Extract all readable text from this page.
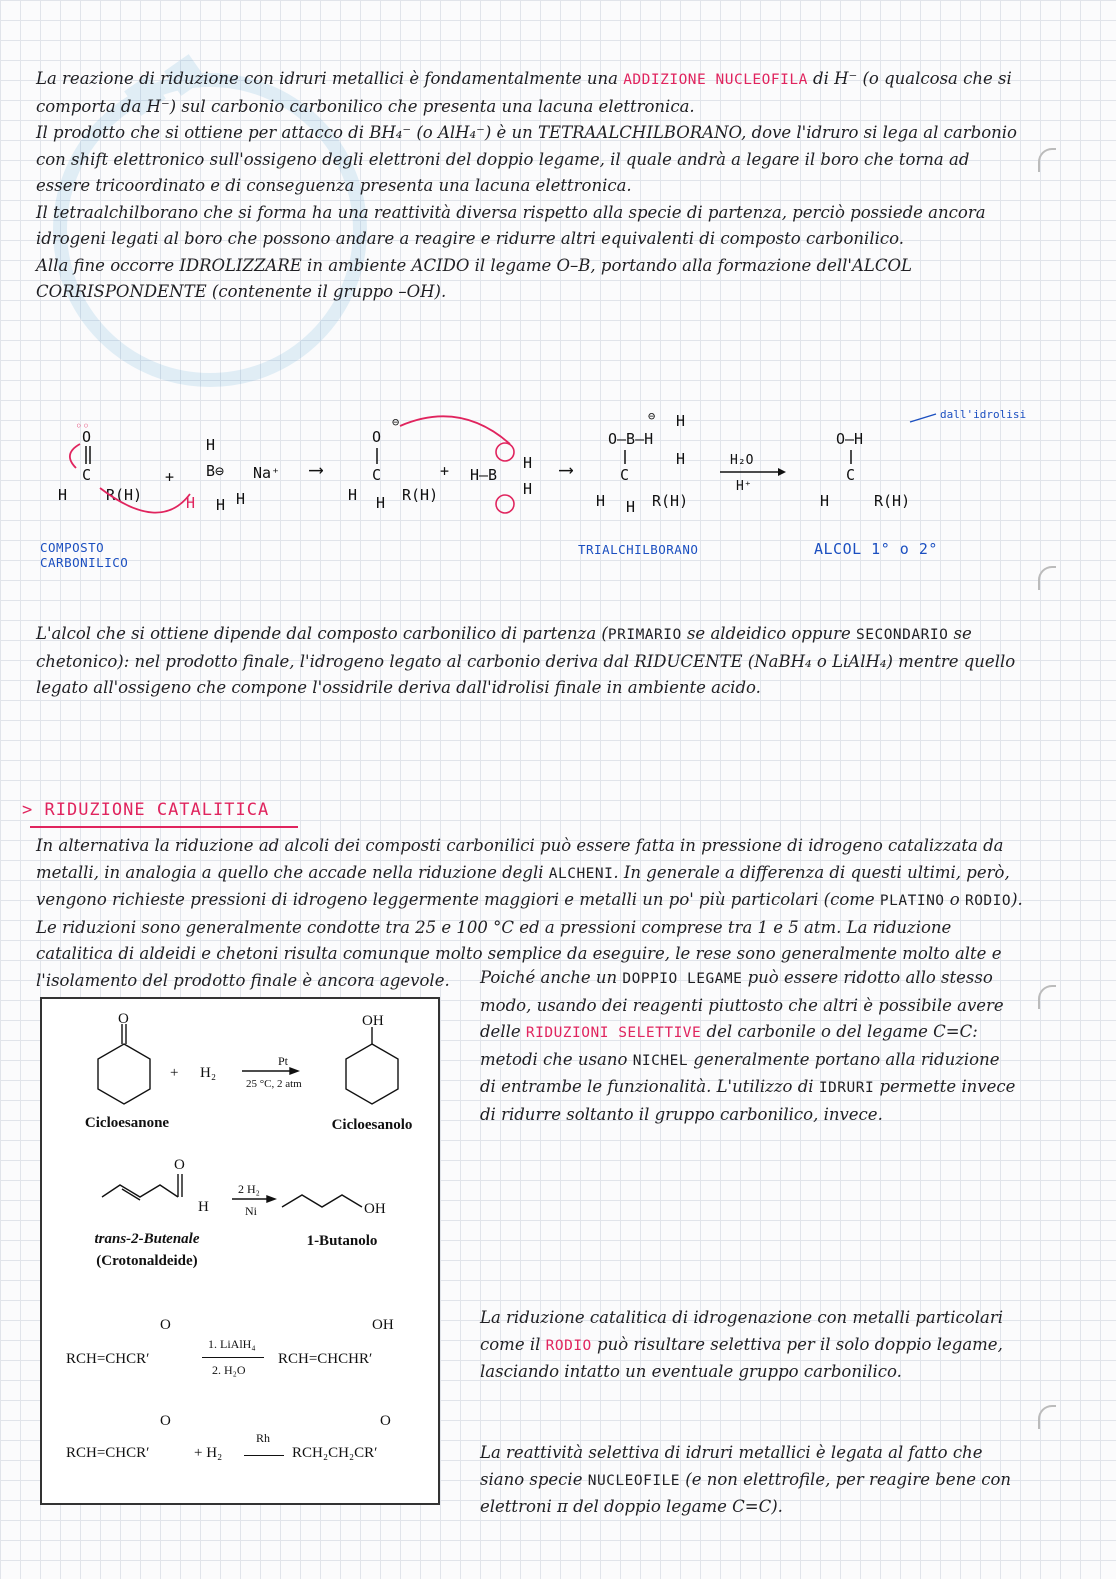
La reazione di riduzione con idruri metallici è fondamentalmente una ADDIZIONE NUCLEOFILA di H⁻ (o qualcosa che si comporta da H⁻) sul carbonio carbonilico che presenta una lacuna elettronica.
Il prodotto che si ottiene per attacco di BH₄⁻ (o AlH₄⁻) è un TETRAALCHILBORANO, dove l'idruro si lega al carbonio con shift elettronico sull'ossigeno degli elettroni del doppio legame, il quale andrà a legare il boro che torna ad essere tricoordinato e di conseguenza presenta una lacuna elettronica.
Il tetraalchilborano che si forma ha una reattività diversa rispetto alla specie di partenza, perciò possiede ancora idrogeni legati al boro che possono andare a reagire e ridurre altri equivalenti di composto carbonilico.
Alla fine occorre IDROLIZZARE in ambiente ACIDO il legame O–B, portando alla formazione dell'ALCOL CORRISPONDENTE (contenente il gruppo –OH).
O
◦◦
C
H	R(H)
+
H
B⊖
H H H
Na⁺ ⟶
O
⊖
C
H H R(H)
+ H–B
H
H
⟶
O–B–H
⊖ H
H
C
H H R(H)
H₂O
H⁺
O–H
C
H	R(H)
dall'idrolisi
COMPOSTO CARBONILICO
TRIALCHILBORANO	ALCOL 1° o 2°
L'alcol che si ottiene dipende dal composto carbonilico di partenza (PRIMARIO se aldeidico oppure SECONDARIO se chetonico): nel prodotto finale, l'idrogeno legato al carbonio deriva dal RIDUCENTE (NaBH₄ o LiAlH₄) mentre quello legato all'ossigeno che compone l'ossidrile deriva dall'idrolisi finale in ambiente acido.
> RIDUZIONE CATALITICA
In alternativa la riduzione ad alcoli dei composti carbonilici può essere fatta in pressione di idrogeno catalizzata da metalli, in analogia a quello che accade nella riduzione degli ALCHENI. In generale a differenza di questi ultimi, però, vengono richieste pressioni di idrogeno leggermente maggiori e metalli un po' più particolari (come PLATINO o RODIO). Le riduzioni sono generalmente condotte tra 25 e 100 °C ed a pressioni comprese tra 1 e 5 atm. La riduzione catalitica di aldeidi e chetoni risulta comunque molto semplice da eseguire, le rese sono generalmente molto alte e l'isolamento del prodotto finale è ancora agevole.	Poiché anche un DOPPIO LEGAME può essere ridotto allo stesso modo, usando dei reagenti piuttosto che altri è possibile avere delle RIDUZIONI SELETTIVE del carbonile o del legame C=C: metodi che usano NICHEL generalmente portano alla riduzione di entrambe le funzionalità. L'utilizzo di IDRURI permette invece di ridurre soltanto il gruppo carbonilico, invece.
La riduzione catalitica di idrogenazione con metalli particolari come il RODIO può risultare selettiva per il solo doppio legame, lasciando intatto un eventuale gruppo carbonilico.
La reattività selettiva di idruri metallici è legata al fatto che siano specie NUCLEOFILE (e non elettrofile, per reagire bene con elettroni π del doppio legame C=C).
O	OH
+ H₂
Pt
25 °C, 2 atm
O
H
2 H₂
Ni	OH
Cicloesanone	Cicloesanolo
trans-2-Butenale
(Crotonaldeide)
1-Butanolo
O
RCH=CHCR′
1. LiAlH₄
2. H₂O
OH
RCH=CHCHR′
O
RCH=CHCR′	+ H₂
Rh
O
RCH₂CH₂CR′
